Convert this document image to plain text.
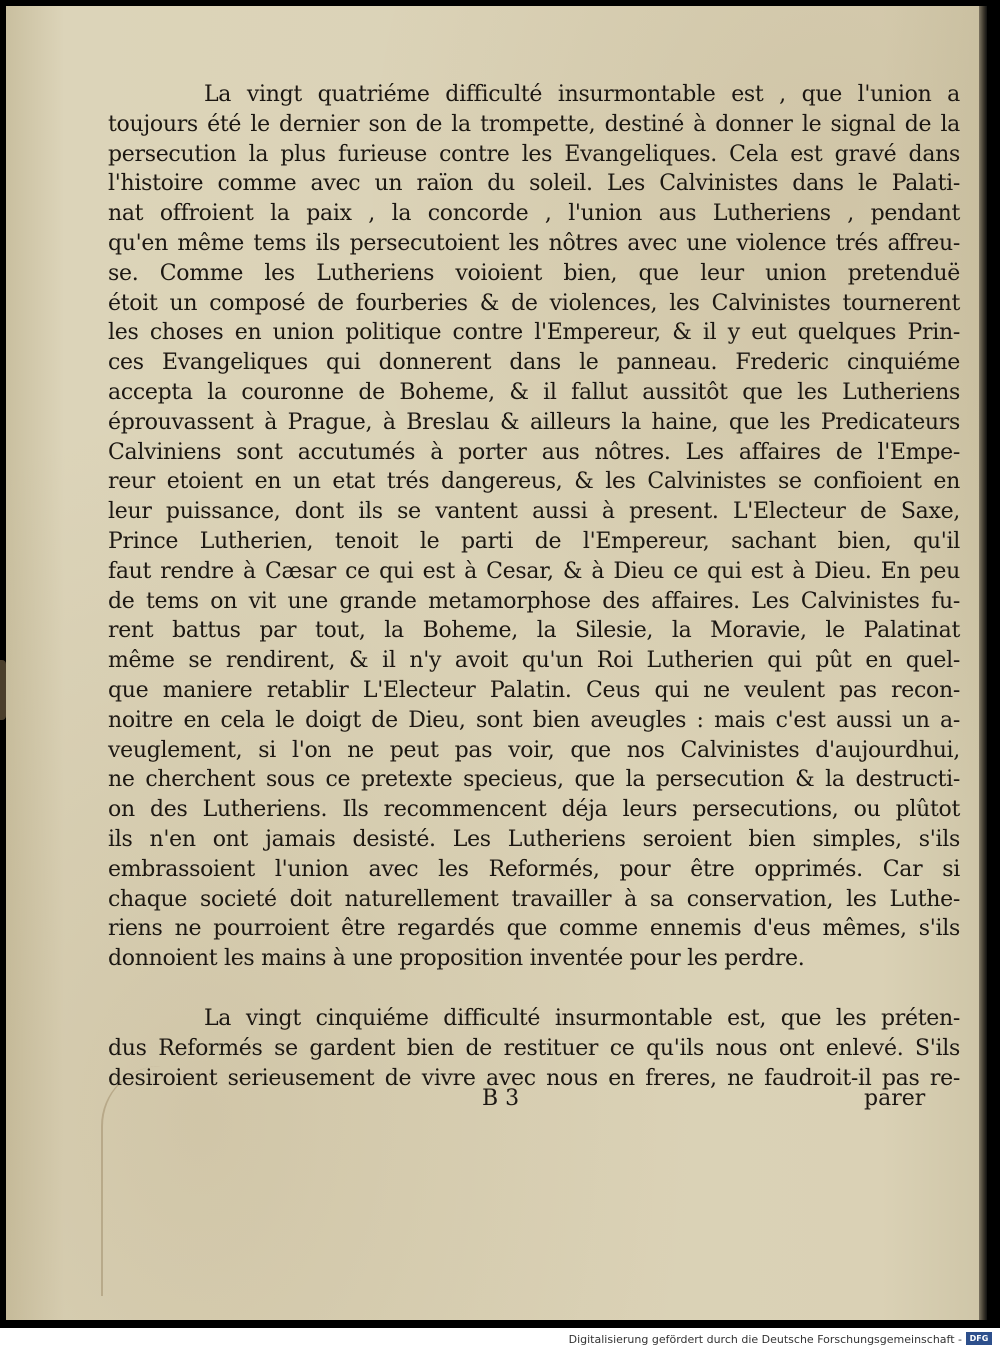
La vingt quatriéme difficulté insurmontable est , que l'union a
toujours été le dernier son de la trompette, destiné à donner le signal de la
persecution la plus furieuse contre les Evangeliques. Cela est gravé dans
l'histoire comme avec un raïon du soleil. Les Calvinistes dans le Palati-
nat offroient la paix , la concorde , l'union aus Lutheriens , pendant
qu'en même tems ils persecutoient les nôtres avec une violence trés affreu-
se. Comme les Lutheriens voioient bien, que leur union pretenduë
étoit un composé de fourberies & de violences, les Calvinistes tournerent
les choses en union politique contre l'Empereur, & il y eut quelques Prin-
ces Evangeliques qui donnerent dans le panneau. Frederic cinquiéme
accepta la couronne de Boheme, & il fallut aussitôt que les Lutheriens
éprouvassent à Prague, à Breslau & ailleurs la haine, que les Predicateurs
Calviniens sont accutumés à porter aus nôtres. Les affaires de l'Empe-
reur etoient en un etat trés dangereus, & les Calvinistes se confioient en
leur puissance, dont ils se vantent aussi à present. L'Electeur de Saxe,
Prince Lutherien, tenoit le parti de l'Empereur, sachant bien, qu'il
faut rendre à Cæsar ce qui est à Cesar, & à Dieu ce qui est à Dieu. En peu
de tems on vit une grande metamorphose des affaires. Les Calvinistes fu-
rent battus par tout, la Boheme, la Silesie, la Moravie, le Palatinat
même se rendirent, & il n'y avoit qu'un Roi Lutherien qui pût en quel-
que maniere retablir L'Electeur Palatin. Ceus qui ne veulent pas recon-
noitre en cela le doigt de Dieu, sont bien aveugles : mais c'est aussi un a-
veuglement, si l'on ne peut pas voir, que nos Calvinistes d'aujourdhui,
ne cherchent sous ce pretexte specieus, que la persecution & la destructi-
on des Lutheriens. Ils recommencent déja leurs persecutions, ou plûtot
ils n'en ont jamais desisté. Les Lutheriens seroient bien simples, s'ils
embrassoient l'union avec les Reformés, pour être opprimés. Car si
chaque societé doit naturellement travailler à sa conservation, les Luthe-
riens ne pourroient être regardés que comme ennemis d'eus mêmes, s'ils
donnoient les mains à une proposition inventée pour les perdre.
La vingt cinquiéme difficulté insurmontable est, que les préten-
dus Reformés se gardent bien de restituer ce qu'ils nous ont enlevé. S'ils
desiroient serieusement de vivre avec nous en freres, ne faudroit-il pas re-
B 3	parer
Digitalisierung gefördert durch die Deutsche Forschungsgemeinschaft - DFG
